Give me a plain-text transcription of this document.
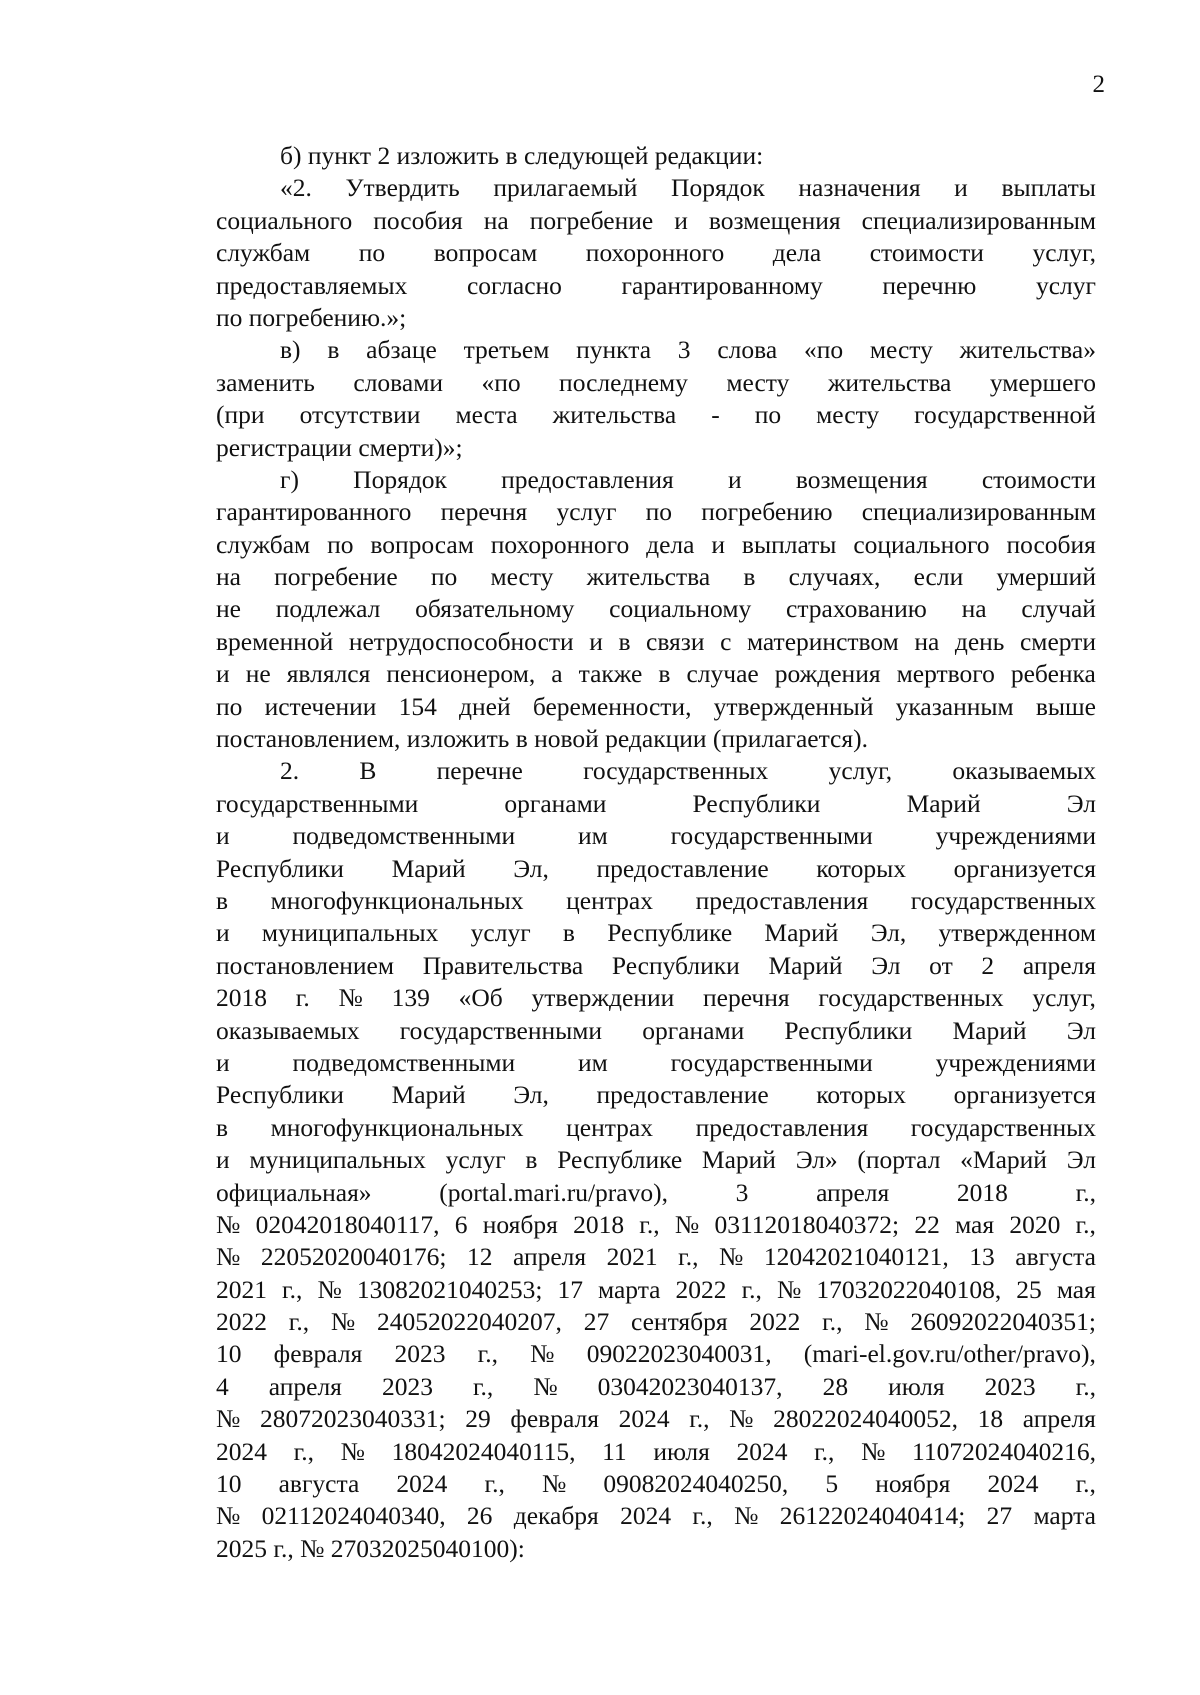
2
б) пункт 2 изложить в следующей редакции:
«2. Утвердить прилагаемый Порядок назначения и выплаты
социального пособия на погребение и возмещения специализированным
службам по вопросам похоронного дела стоимости услуг,
предоставляемых согласно гарантированному перечню услуг
по погребению.»;
в) в абзаце третьем пункта 3 слова «по месту жительства»
заменить словами «по последнему месту жительства умершего
(при отсутствии места жительства - по месту государственной
регистрации смерти)»;
г) Порядок предоставления и возмещения стоимости
гарантированного перечня услуг по погребению специализированным
службам по вопросам похоронного дела и выплаты социального пособия
на погребение по месту жительства в случаях, если умерший
не подлежал обязательному социальному страхованию на случай
временной нетрудоспособности и в связи с материнством на день смерти
и не являлся пенсионером, а также в случае рождения мертвого ребенка
по истечении 154 дней беременности, утвержденный указанным выше
постановлением, изложить в новой редакции (прилагается).
2. В перечне государственных услуг, оказываемых
государственными	органами	Республики	Марий	Эл
и подведомственными им государственными учреждениями
Республики Марий Эл, предоставление которых организуется
в многофункциональных центрах предоставления государственных
и муниципальных услуг в Республике Марий Эл, утвержденном
постановлением Правительства Республики Марий Эл от 2 апреля
2018 г. № 139 «Об утверждении перечня государственных услуг,
оказываемых государственными органами Республики Марий Эл
и подведомственными им государственными учреждениями
Республики Марий Эл, предоставление которых организуется
в многофункциональных центрах предоставления государственных
и муниципальных услуг в Республике Марий Эл» (портал «Марий Эл
официальная»	(portal.mari.ru/pravo),	3	апреля	2018	г.,
№ 02042018040117, 6 ноября 2018 г., № 03112018040372; 22 мая 2020 г.,
№ 22052020040176; 12 апреля 2021 г., № 12042021040121, 13 августа
2021 г., № 13082021040253; 17 марта 2022 г., № 17032022040108, 25 мая
2022 г., № 24052022040207, 27 сентября 2022 г., № 26092022040351;
10 февраля 2023 г., № 09022023040031, (mari-el.gov.ru/other/pravo),
4 апреля 2023 г., № 03042023040137, 28 июля 2023 г.,
№ 28072023040331; 29 февраля 2024 г., № 28022024040052, 18 апреля
2024 г., № 18042024040115, 11 июля 2024 г., № 11072024040216,
10 августа 2024 г., № 09082024040250, 5 ноября 2024 г.,
№ 02112024040340, 26 декабря 2024 г., № 26122024040414; 27 марта
2025 г., № 27032025040100):
